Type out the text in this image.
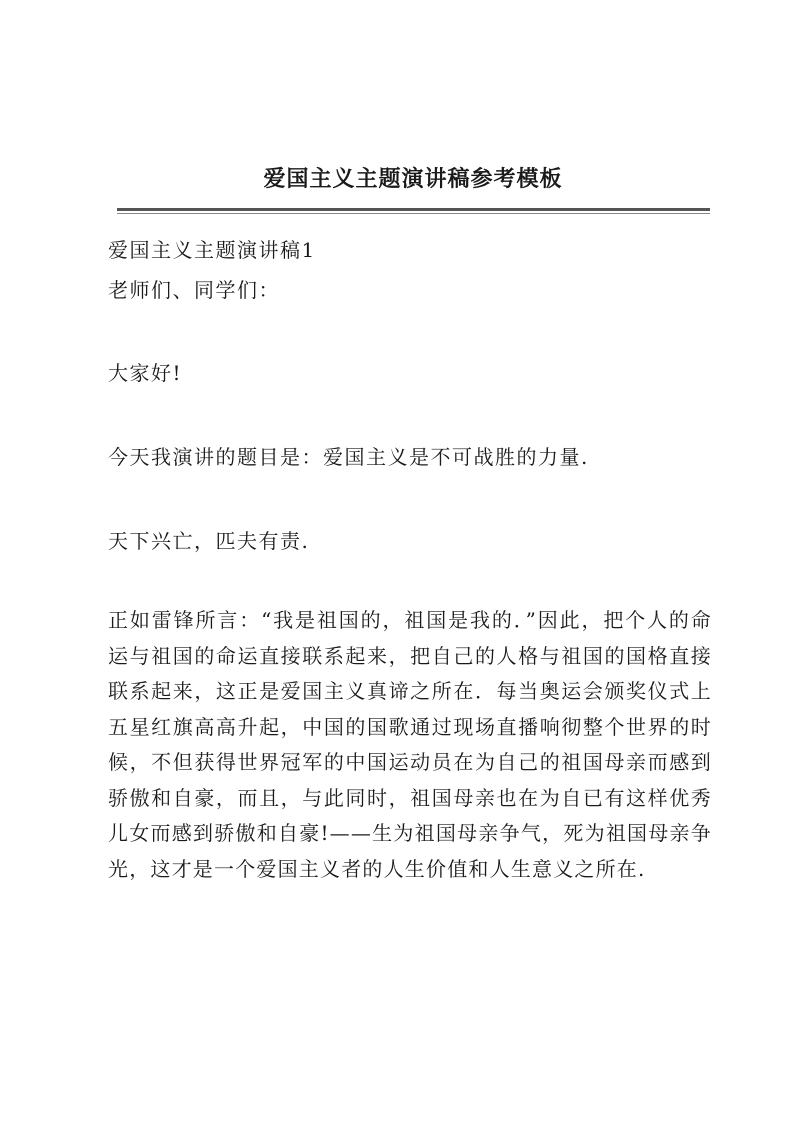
爱国主义主题演讲稿参考模板
爱国主义主题演讲稿1
老师们、同学们：
大家好!
今天我演讲的题目是：爱国主义是不可战胜的力量.
天下兴亡，匹夫有责.
正如雷锋所言：“我是祖国的，祖国是我的．”因此，把个人的命运与祖国的命运直接联系起来，把自己的人格与祖国的国格直接联系起来，这正是爱国主义真谛之所在．每当奥运会颁奖仪式上五星红旗高高升起，中国的国歌通过现场直播响彻整个世界的时候，不但获得世界冠军的中国运动员在为自己的祖国母亲而感到骄傲和自豪，而且，与此同时，祖国母亲也在为自已有这样优秀儿女而感到骄傲和自豪!——生为祖国母亲争气，死为祖国母亲争光，这才是一个爱国主义者的人生价值和人生意义之所在.
